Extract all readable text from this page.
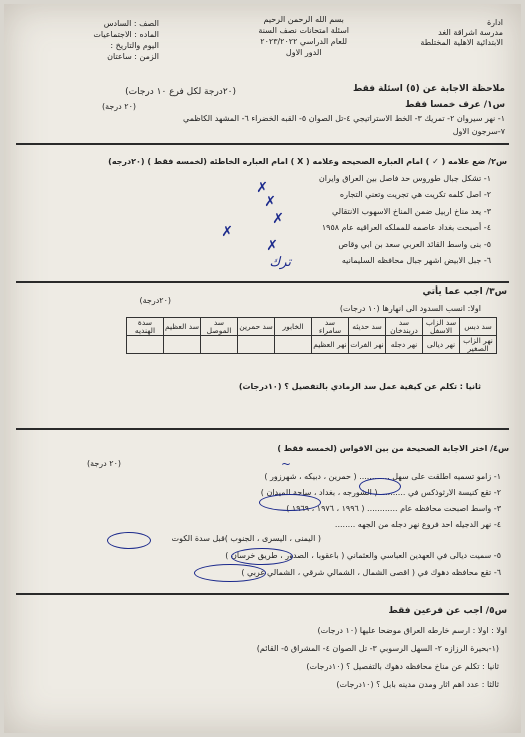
ادارة
مدرسة اشراقة الغد
الابتدائية الاهلية المختلطة
بسم الله الرحمن الرحيم
اسئلة امتحانات نصف السنة
للعام الدراسي ٢٠٢٣/٢٠٢٢
الدور الاول
الصف : السادس
الماده : الاجتماعيات
اليوم والتاريخ :
الزمن : ساعتان
ملاحظة الاجابة عن (٥) اسئلة فقط
(٢٠درجة لكل فرع ١٠ درجات)
س١/ عرف خمسا فقط
(٢٠ درجة)
١- نهر سيروان ٢- تمريك ٣- الخط الاستراتيجي ٤-تل الصوان ٥- القبه الخضراء ٦- المشهد الكاظمي
٧-سرجون الاول
س٢/ ضع علامه ( ✓ ) امام العباره الصحيحه وعلامه ( X ) امام العباره الخاطئه (لخمسه فقط ) (٢٠درجه)
١- تشكل جبال طوروس حد فاصل بين العراق وايران
٢- اصل كلمه تكريت هي تجريت وتعني التجاره
٣- يعد مناخ اربيل ضمن المناخ الاسهوب الانتقالي
٤- أصبحت بغداد عاصمه للمملكه العراقيه عام ١٩٥٨
٥- بنى واسط القائد العربي سعد بن ابي وقاص
٦- جبل الابيض اشهر جبال محافظه السليمانيه
✗
✗
✗
✗
✗
ترك
س٣/ اجب عما يأتي
(٢٠درجة)
اولا: انسب السدود الى انهارها (١٠ درجات)
سد دبس	سد الزاب الاسفل	سد دربندخان	سد حديثه	سد سامراء	الخابور	سد حمرين	سد الموصل	سد العظيم	سدة الهنديه
نهر الزاب الصغير	نهر ديالى	نهر دجله	نهر الفرات	نهر العظيم					
ثانيا : تكلم عن كيفية عمل سد الرمادي بالتفصيل ؟ (١٠درجات)
س٤/ اختر الاجابة الصحيحة من بين الاقواس (لخمسه فقط )
(٢٠ درجة)	~
١- زامو تسميه اطلقت على سهل ............ ( حمرين ، دبيكه ، شهرزور )
٢- تقع كنيسة الارثوذكس في .......... ( الشورجه ، بغداد ، ساحة الميدان )
٣- واسط اصبحت محافظه عام ............ ( ١٩٩٦ ، ١٩٧٦ ، ١٩٦٩ )
٤- نهر الدجيله احد فروع نهر دجله من الجهه ........
( اليمنى ، اليسرى ، الجنوب )قبل سدة الكوت
٥- سميت ديالى في العهدين العباسي والعثماني ( باعقوبا ، الصدور ، طريق خرسان )
٦- تقع محافظه دهوك في ( اقصى الشمال ، الشمالي شرقي ، الشمالي غربي )
س٥/ اجب عن فرعين فقط
اولا : اولا : ارسم خارطه العراق موضحا عليها (١٠ درجات)
(١-بحيرة الرزازه ٢- السهل الرسوبي ٣- تل الصوان ٤- المشراق ٥- القائم)
ثانيا : تكلم عن مناخ محافظه دهوك بالتفصيل ؟ (١٠درجات)
ثالثا : عدد اهم اثار ومدن مدينه بابل ؟ (١٠درجات)
